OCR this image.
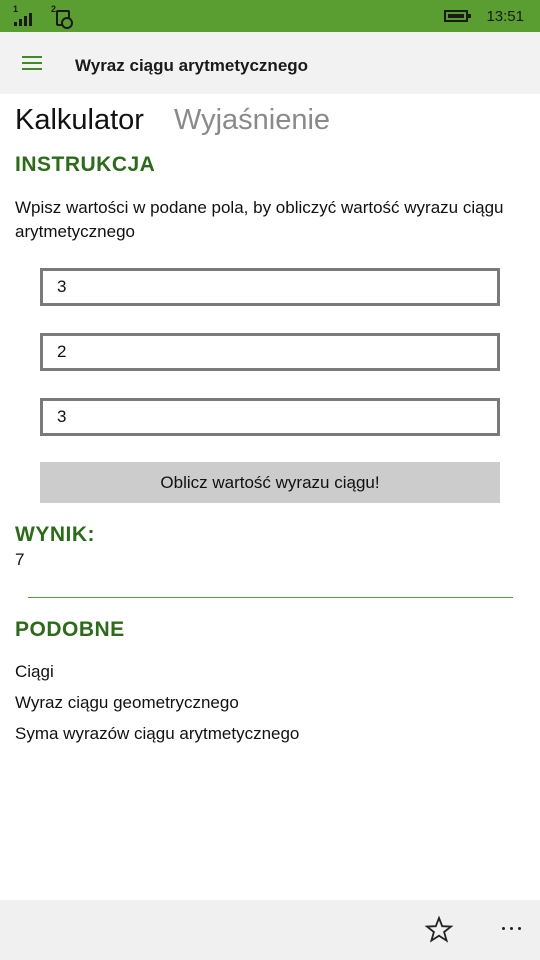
1	2	13:51
Wyraz ciągu arytmetycznego
Kalkulator Wyjaśnienie
INSTRUKCJA
Wpisz wartości w podane pola, by obliczyć wartość wyrazu ciągu arytmetycznego
3
2
3
Oblicz wartość wyrazu ciągu!
WYNIK:
7
PODOBNE
Ciągi
Wyraz ciągu geometrycznego
Syma wyrazów ciągu arytmetycznego
